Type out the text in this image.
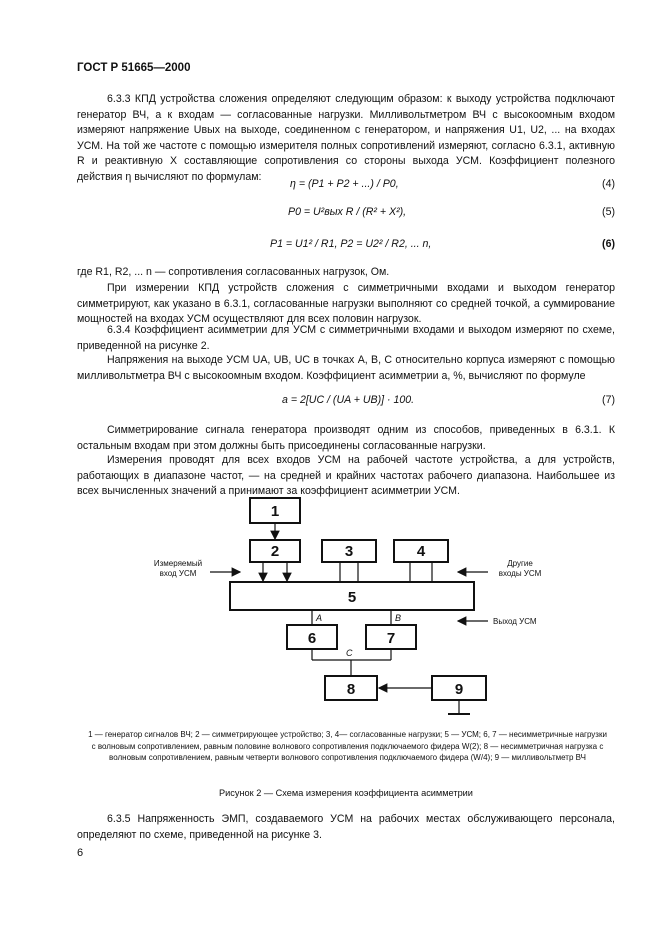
ГОСТ Р 51665—2000
6.3.3 КПД устройства сложения определяют следующим образом: к выходу устройства подключают генератор ВЧ, а к входам — согласованные нагрузки. Милливольтметром ВЧ с высокоомным входом измеряют напряжение Uвых на выходе, соединенном с генератором, и напряжения U1, U2, ... на входах УСМ. На той же частоте с помощью измерителя полных сопротивлений измеряют, согласно 6.3.1, активную R и реактивную X составляющие сопротивления со стороны выхода УСМ. Коэффициент полезного действия η вычисляют по формулам:
η = (P1 + P2 + ...) / P0,	(4)
P0 = U²вых R / (R² + X²),	(5)
P1 = U1² / R1, P2 = U2² / R2, ... n,	(6)
где R1, R2, ... n — сопротивления согласованных нагрузок, Ом.
При измерении КПД устройств сложения с симметричными входами и выходом генератор симметрируют, как указано в 6.3.1, согласованные нагрузки выполняют со средней точкой, а суммирование мощностей на входах УСМ осуществляют для всех половин нагрузок.
6.3.4 Коэффициент асимметрии для УСМ с симметричными входами и выходом измеряют по схеме, приведенной на рисунке 2.
Напряжения на выходе УСМ UA, UB, UC в точках A, B, C относительно корпуса измеряют с помощью милливольтметра ВЧ с высокоомным входом. Коэффициент асимметрии a, %, вычисляют по формуле
a = 2[UC / (UA + UB)] · 100.	(7)
Симметрирование сигнала генератора производят одним из способов, приведенных в 6.3.1. К остальным входам при этом должны быть присоединены согласованные нагрузки.
Измерения проводят для всех входов УСМ на рабочей частоте устройства, а для устройств, работающих в диапазоне частот, — на средней и крайних частотах рабочего диапазона. Наибольшее из всех вычисленных значений a принимают за коэффициент асимметрии УСМ.
1
2	3	4
5
6	7
8	9
Измеряемый
вход УСМ
Другие
входы УСМ
Выход УСМ
A	B
C
1 — генератор сигналов ВЧ; 2 — симметрирующее устройство; 3, 4— согласованные нагрузки; 5 — УСМ; 6, 7 — несимметричные нагрузки с волновым сопротивлением, равным половине волнового сопротивления подключаемого фидера W(2); 8 — несимметричная нагрузка с волновым сопротивлением, равным четверти волнового сопротивления подключаемого фидера (W/4); 9 — милливольтметр ВЧ
Рисунок 2 — Схема измерения коэффициента асимметрии
6.3.5 Напряженность ЭМП, создаваемого УСМ на рабочих местах обслуживающего персонала, определяют по схеме, приведенной на рисунке 3.
6
